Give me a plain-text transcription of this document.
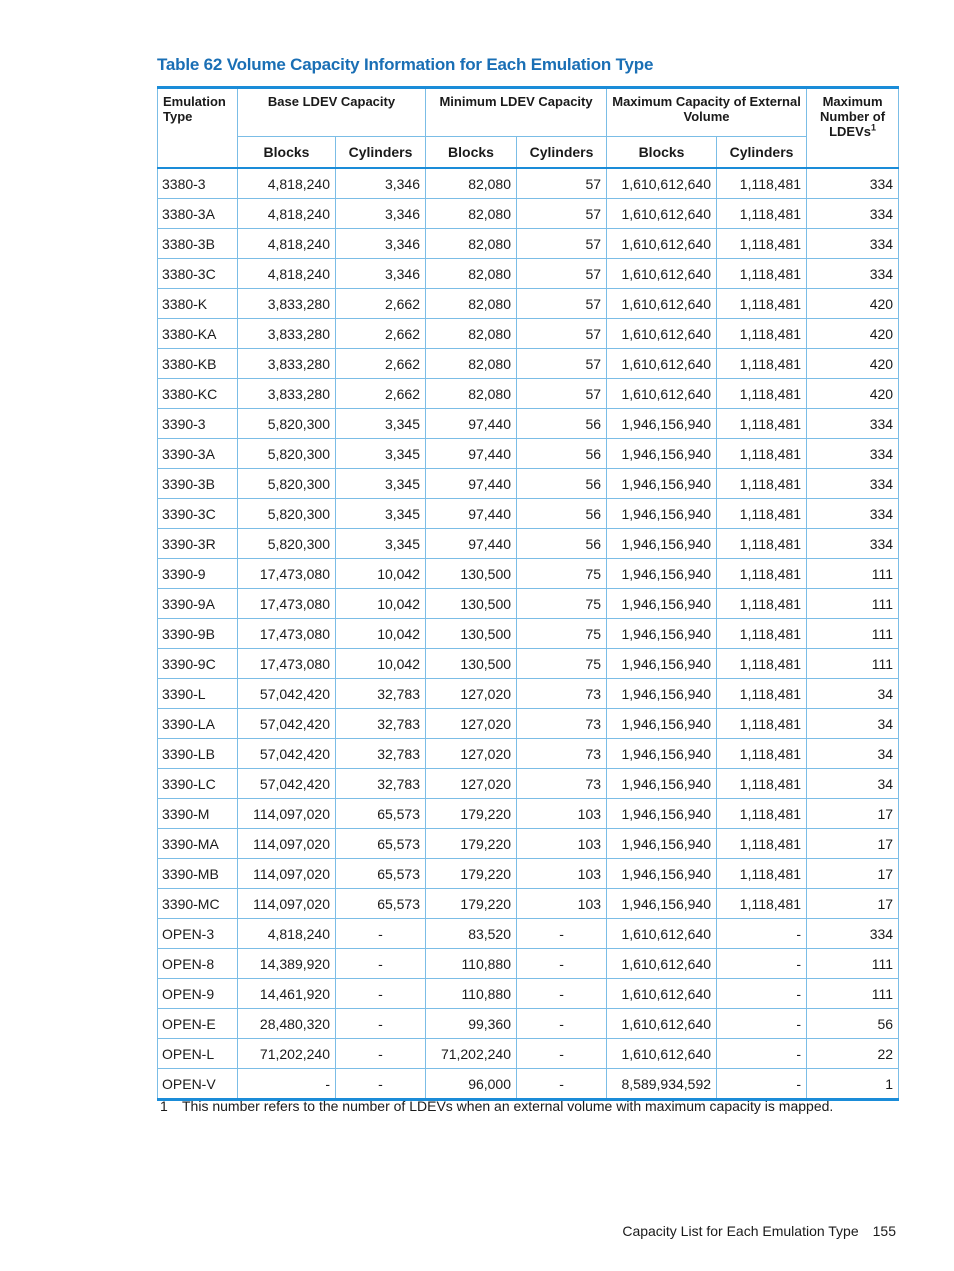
Table 62 Volume Capacity Information for Each Emulation Type
Emulation Type	Base LDEV Capacity		Minimum LDEV Capacity		Maximum Capacity of External Volume		Maximum Number of LDEVs$^1$
	Blocks	Cylinders	Blocks	Cylinders	Blocks	Cylinders	
3380-3	4,818,240	3,346	82,080	57	1,610,612,640	1,118,481	334
3380-3A	4,818,240	3,346	82,080	57	1,610,612,640	1,118,481	334
3380-3B	4,818,240	3,346	82,080	57	1,610,612,640	1,118,481	334
3380-3C	4,818,240	3,346	82,080	57	1,610,612,640	1,118,481	334
3380-K	3,833,280	2,662	82,080	57	1,610,612,640	1,118,481	420
3380-KA	3,833,280	2,662	82,080	57	1,610,612,640	1,118,481	420
3380-KB	3,833,280	2,662	82,080	57	1,610,612,640	1,118,481	420
3380-KC	3,833,280	2,662	82,080	57	1,610,612,640	1,118,481	420
3390-3	5,820,300	3,345	97,440	56	1,946,156,940	1,118,481	334
3390-3A	5,820,300	3,345	97,440	56	1,946,156,940	1,118,481	334
3390-3B	5,820,300	3,345	97,440	56	1,946,156,940	1,118,481	334
3390-3C	5,820,300	3,345	97,440	56	1,946,156,940	1,118,481	334
3390-3R	5,820,300	3,345	97,440	56	1,946,156,940	1,118,481	334
3390-9	17,473,080	10,042	130,500	75	1,946,156,940	1,118,481	111
3390-9A	17,473,080	10,042	130,500	75	1,946,156,940	1,118,481	111
3390-9B	17,473,080	10,042	130,500	75	1,946,156,940	1,118,481	111
3390-9C	17,473,080	10,042	130,500	75	1,946,156,940	1,118,481	111
3390-L	57,042,420	32,783	127,020	73	1,946,156,940	1,118,481	34
3390-LA	57,042,420	32,783	127,020	73	1,946,156,940	1,118,481	34
3390-LB	57,042,420	32,783	127,020	73	1,946,156,940	1,118,481	34
3390-LC	57,042,420	32,783	127,020	73	1,946,156,940	1,118,481	34
3390-M	114,097,020	65,573	179,220	103	1,946,156,940	1,118,481	17
3390-MA	114,097,020	65,573	179,220	103	1,946,156,940	1,118,481	17
3390-MB	114,097,020	65,573	179,220	103	1,946,156,940	1,118,481	17
3390-MC	114,097,020	65,573	179,220	103	1,946,156,940	1,118,481	17
OPEN-3	4,818,240	-	83,520	-	1,610,612,640	-	334
OPEN-8	14,389,920	-	110,880	-	1,610,612,640	-	111
OPEN-9	14,461,920	-	110,880	-	1,610,612,640	-	111
OPEN-E	28,480,320	-	99,360	-	1,610,612,640	-	56
OPEN-L	71,202,240	-	71,202,240	-	1,610,612,640	-	22
OPEN-V	-	-	96,000	-	8,589,934,592	-	1
1 This number refers to the number of LDEVs when an external volume with maximum capacity is mapped.
Capacity List for Each Emulation Type 155
